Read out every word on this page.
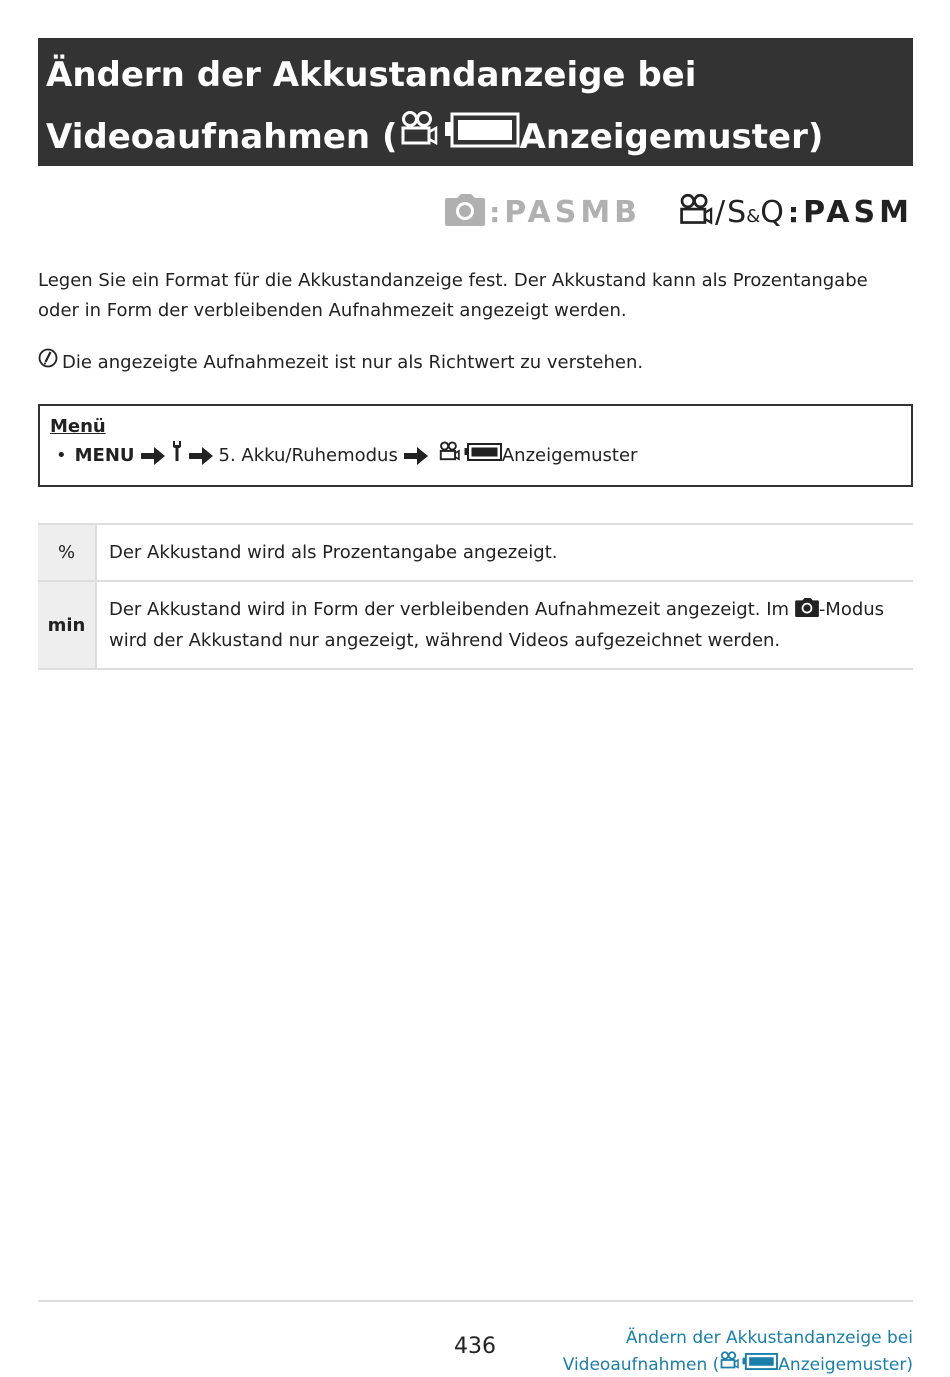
Ändern der Akkustandanzeige bei
Videoaufnahmen (	Anzeigemuster)
: PASMB / S & Q : PASM

Legen Sie ein Format für die Akkustandanzeige fest. Der Akkustand kann als Prozentangabe oder in Form der verbleibenden Aufnahmezeit angezeigt werden.

Die angezeigte Aufnahmezeit ist nur als Richtwert zu verstehen.
Menü
• MENU	5. Akku/Ruhemodus	Anzeigemuster
%	Der Akkustand wird als Prozentangabe angezeigt.
min	Der Akkustand wird in Form der verbleibenden Aufnahmezeit angezeigt. Im -Modus wird der Akkustand nur angezeigt, während Videos aufgezeichnet werden.
436	Ändern der Akkustandanzeige bei
Videoaufnahmen (	Anzeigemuster)
